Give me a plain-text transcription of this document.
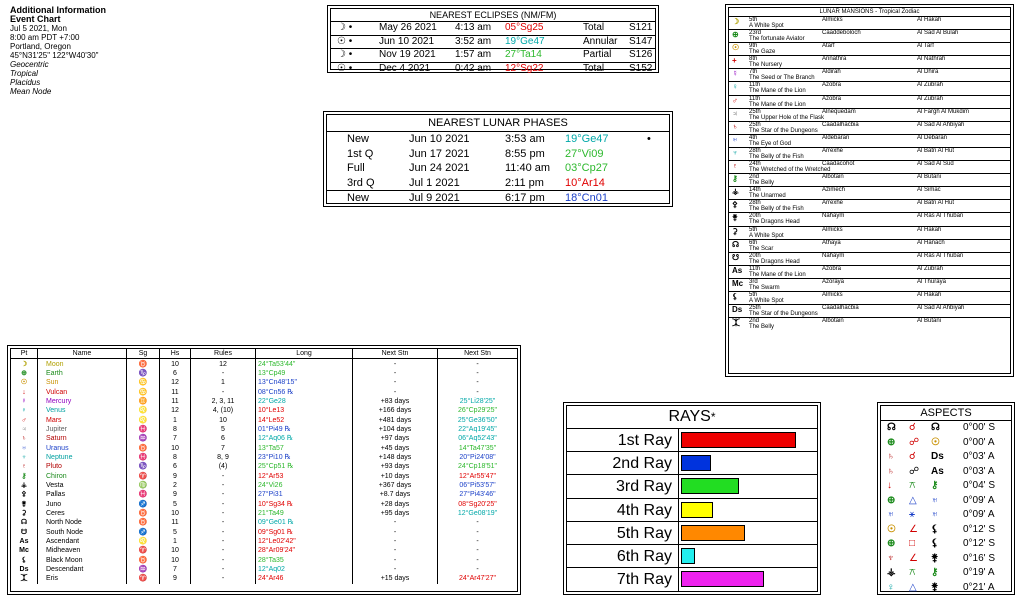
Additional Information
Event Chart
Jul 5 2021, Mon
8:00 am PDT +7:00
Portland, Oregon
45°N31'25" 122°W40'30"
Geocentric
Tropical
Placidus
Mean Node
NEAREST ECLIPSES (NM/FM)
☽ •	May 26 2021 4:13 am 05°Sg25	Total S121
☉ •	Jun 10 2021 3:52 am 19°Ge47	Annular S147
☽ •	Nov 19 2021 1:57 am 27°Ta14	Partial S126
☉ •	Dec 4 2021 0:42 am 12°Sg22	Total S152
NEAREST LUNAR PHASES
New	Jun 10 2021	3:53 am 19°Ge47	•
1st Q	Jun 17 2021	8:55 pm 27°Vi09
Full	Jun 24 2021	11:40 am 03°Cp27
3rd Q	Jul 1 2021	2:11 pm 10°Ar14
New	Jul 9 2021	6:17 pm 18°Cn01
LUNAR MANSIONS - Tropical Zodiac
☽ 5th	Almicks	Al Hakah
A White Spot
⊕ 23rd	Caaddeboloch	Al Sad Al Bulah
The fortunate Aviator
☉ 9th	Atarf	Al Tarf
The Gaze
+ 8th	Annathra	Al Nathrah
The Nursery
☿ 7th	Aldirah	Al Dhira
The Seed or The Branch
♀ 11th	Azobra	Al Zubrah
The Mane of the Lion
♂ 11th	Azobra	Al Zubrah
The Mane of the Lion
♃ 25th	Alnequedam	Al Fargh Al Mukdim
The Upper Hole of the Flask
♄ 25th	Caadalhacbia	Al Sad Al Ahbiyah
The Star of the Dungeons
♅ 4th	Aldebaran	Al Debaran
The Eye of God
♆ 28th	Arrexhe	Al Batn Al Hut
The Belly of the Fish
♇ 24th	Caadacohot	Al Sad Al Sud
The Wretched of the Wretched
⚷ 2nd	Albotain	Al Butani
The Belly
⚶ 14th	Azimech	Al Simac
The Unarmed
⚴ 28th	Arrexhe	Al Batn Al Hut
The Belly of the Fish
⚵ 20th	Nahaym	Al Ras Al Thuban
The Dragons Head
⚳ 5th	Almicks	Al Hakah
A White Spot
☊ 6th	Athaya	Al Hanach
The Scar
☋ 20th	Nahaym	Al Ras Al Thuban
The Dragons Head
As 11th	Azobra	Al Zubrah
The Mane of the Lion
Mc 3rd	Azoraya	Al Thuraya
The Swarm
⚸ 5th	Almicks	Al Hakah
A White Spot
Ds 25th	Caadalhacbia	Al Sad Al Ahbiyah
The Star of the Dungeons
⯰ 2nd	Albotain	Al Butani
The Belly
Pt	Name	Sg	Hs	Rules	Long	Next Stn	Next Stn
☽	Moon	♉	10	12	24°Ta53'44"	-	-
⊕	Earth	♑	6	-	13°Cp49	-	-
☉	Sun	♋	12	1	13°Cn48'15"	-	-
↓	Vulcan	♋	11	-	08°Cn56 ℞	-	-
☿	Mercury	♊	11	2, 3, 11	22°Ge28	+83 days	25°Li28'25"
♀	Venus	♌	12	4, (10)	10°Le13	+166 days	26°Cp29'25"
♂	Mars	♌	1	10	14°Le52	+481 days	25°Ge36'50"
♃	Jupiter	♓	8	5	01°Pi49 ℞	+104 days	22°Aq19'45"
♄	Saturn	♒	7	6	12°Aq06 ℞	+97 days	06°Aq52'43"
♅	Uranus	♉	10	7	13°Ta57	+45 days	14°Ta47'35"
♆	Neptune	♓	8	8, 9	23°Pi10 ℞	+148 days	20°Pi24'08"
♇	Pluto	♑	6	(4)	25°Cp51 ℞	+93 days	24°Cp18'51"
⚷	Chiron	♈	9	-	12°Ar53	+10 days	12°Ar55'47"
⚶	Vesta	♍	2	-	24°Vi26	+367 days	06°Pi53'57"
⚴	Pallas	♓	9	-	27°Pi31	+8.7 days	27°Pi43'46"
⚵	Juno	♐	5	-	10°Sg34 ℞	+28 days	08°Sg20'25"
⚳	Ceres	♉	10	-	21°Ta49	+95 days	12°Ge08'19"
☊	North Node	♉	11	-	09°Ge01 ℞	-	-
☋	South Node	♐	5	-	09°Sg01 ℞	-	-
As	Ascendant	♌	1	-	12°Le02'42"	-	-
Mc	Midheaven	♈	10	-	28°Ar09'24"	-	-
⚸	Black Moon	♉	10	-	28°Ta35	-	-
Ds	Descendant	♒	7	-	12°Aq02	-	-
⯰	Eris	♈	9	-	24°Ar46	+15 days	24°Ar47'27"
RAYS*
1st Ray
2nd Ray
3rd Ray
4th Ray
5th Ray
6th Ray
7th Ray
ASPECTS
☊ ☌ ☊ 0°00' S
⊕ ☍ ☉ 0°00' A
♄ ☌ Ds 0°03' A
♄ ☍ As 0°03' A
↓ ⚻ ⚷ 0°04' S
⊕ △ ♅ 0°09' A
♅ ⚹ ♅ 0°09' A
☉ ∠ ⚸ 0°12' S
⊕ □ ⚸ 0°12' S
♆ ∠ ⚵ 0°16' S
⚶ ⚻ ⚷ 0°19' A
♀ △ ⚵ 0°21' A
